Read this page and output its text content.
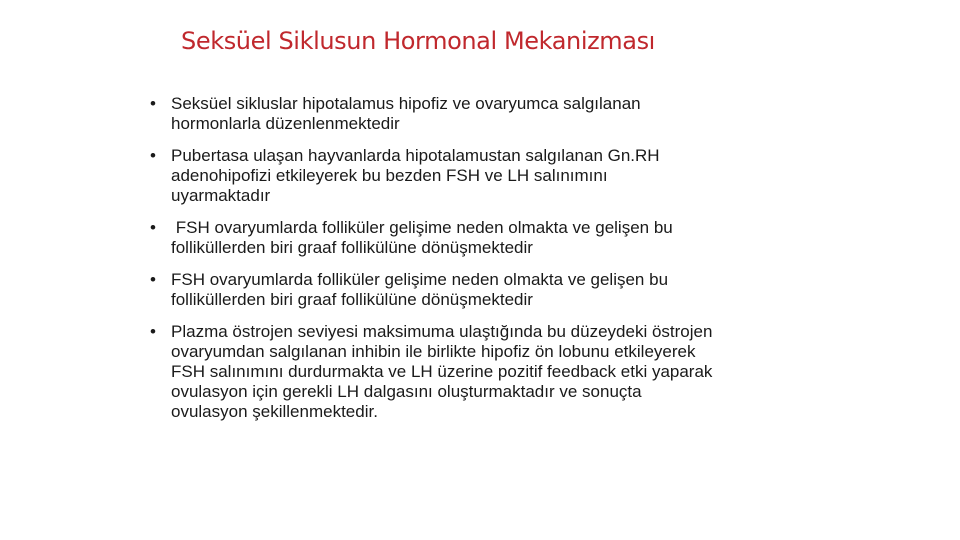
Seksüel Siklusun Hormonal Mekanizması
• Seksüel sikluslar hipotalamus hipofiz ve ovaryumca salgılanan
hormonlarla düzenlenmektedir
• Pubertasa ulaşan hayvanlarda hipotalamustan salgılanan Gn.RH
adenohipofizi etkileyerek bu bezden FSH ve LH salınımını
uyarmaktadır
• FSH ovaryumlarda folliküler gelişime neden olmakta ve gelişen bu
folliküllerden biri graaf follikülüne dönüşmektedir
• FSH ovaryumlarda folliküler gelişime neden olmakta ve gelişen bu
folliküllerden biri graaf follikülüne dönüşmektedir
• Plazma östrojen seviyesi maksimuma ulaştığında bu düzeydeki östrojen
ovaryumdan salgılanan inhibin ile birlikte hipofiz ön lobunu etkileyerek
FSH salınımını durdurmakta ve LH üzerine pozitif feedback etki yaparak
ovulasyon için gerekli LH dalgasını oluşturmaktadır ve sonuçta
ovulasyon şekillenmektedir.
